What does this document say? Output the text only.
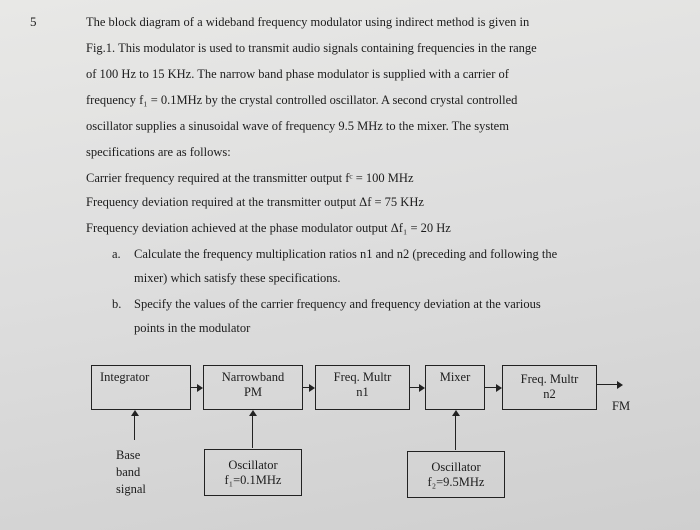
5	The block diagram of a wideband frequency modulator using indirect method is given in
Fig.1. This modulator is used to transmit audio signals containing frequencies in the range
of 100 Hz to 15 KHz. The narrow band phase modulator is supplied with a carrier of
frequency f₁ = 0.1MHz by the crystal controlled oscillator. A second crystal controlled
oscillator supplies a sinusoidal wave of frequency 9.5 MHz to the mixer. The system
specifications are as follows:
Carrier frequency required at the transmitter output fᶜ = 100 MHz
Frequency deviation required at the transmitter output Δf = 75 KHz
Frequency deviation achieved at the phase modulator output Δf₁ = 20 Hz
a. Calculate the frequency multiplication ratios n1 and n2 (preceding and following the
mixer) which satisfy these specifications.
b. Specify the values of the carrier frequency and frequency deviation at the various
points in the modulator
Integrator	Narrowband
PM
Freq. Multr
n1
Mixer	Freq. Multr
n2
FM
Base
band
signal
Oscillator
f₁=0.1MHz
Oscillator
f₂=9.5MHz
